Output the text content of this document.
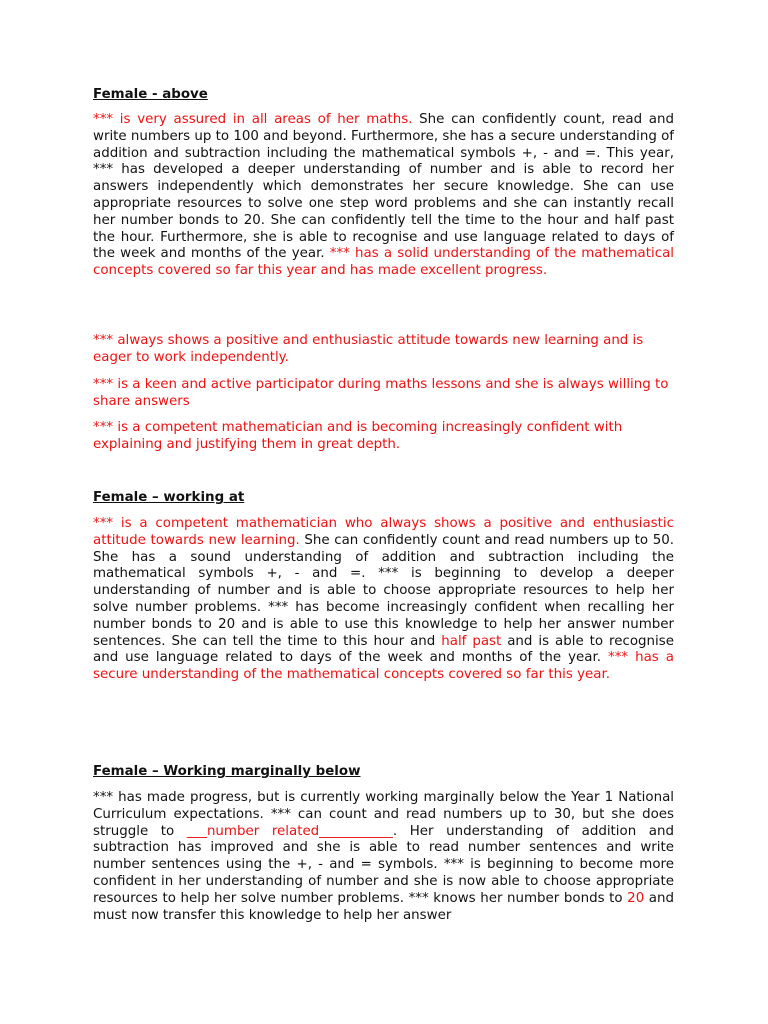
Female - above

*** is very assured in all areas of her maths. She can confidently count, read and write numbers up to 100 and beyond. Furthermore, she has a secure understanding of addition and subtraction including the mathematical symbols +, - and =. This year, *** has developed a deeper understanding of number and is able to record her answers independently which demonstrates her secure knowledge. She can use appropriate resources to solve one step word problems and she can instantly recall her number bonds to 20. She can confidently tell the time to the hour and half past the hour. Furthermore, she is able to recognise and use language related to days of the week and months of the year. *** has a solid understanding of the mathematical concepts covered so far this year and has made excellent progress.

*** always shows a positive and enthusiastic attitude towards new learning and is eager to work independently.

*** is a keen and active participator during maths lessons and she is always willing to share answers

*** is a competent mathematician and is becoming increasingly confident with explaining and justifying them in great depth.

Female – working at

*** is a competent mathematician who always shows a positive and enthusiastic attitude towards new learning. She can confidently count and read numbers up to 50. She has a sound understanding of addition and subtraction including the mathematical symbols +, - and =. *** is beginning to develop a deeper understanding of number and is able to choose appropriate resources to help her solve number problems. *** has become increasingly confident when recalling her number bonds to 20 and is able to use this knowledge to help her answer number sentences. She can tell the time to this hour and half past and is able to recognise and use language related to days of the week and months of the year. *** has a secure understanding of the mathematical concepts covered so far this year.

Female – Working marginally below

*** has made progress, but is currently working marginally below the Year 1 National Curriculum expectations. *** can count and read numbers up to 30, but she does struggle to ___number related___________. Her understanding of addition and subtraction has improved and she is able to read number sentences and write number sentences using the +, - and = symbols. *** is beginning to become more confident in her understanding of number and she is now able to choose appropriate resources to help her solve number problems. *** knows her number bonds to 20 and must now transfer this knowledge to help her answer
